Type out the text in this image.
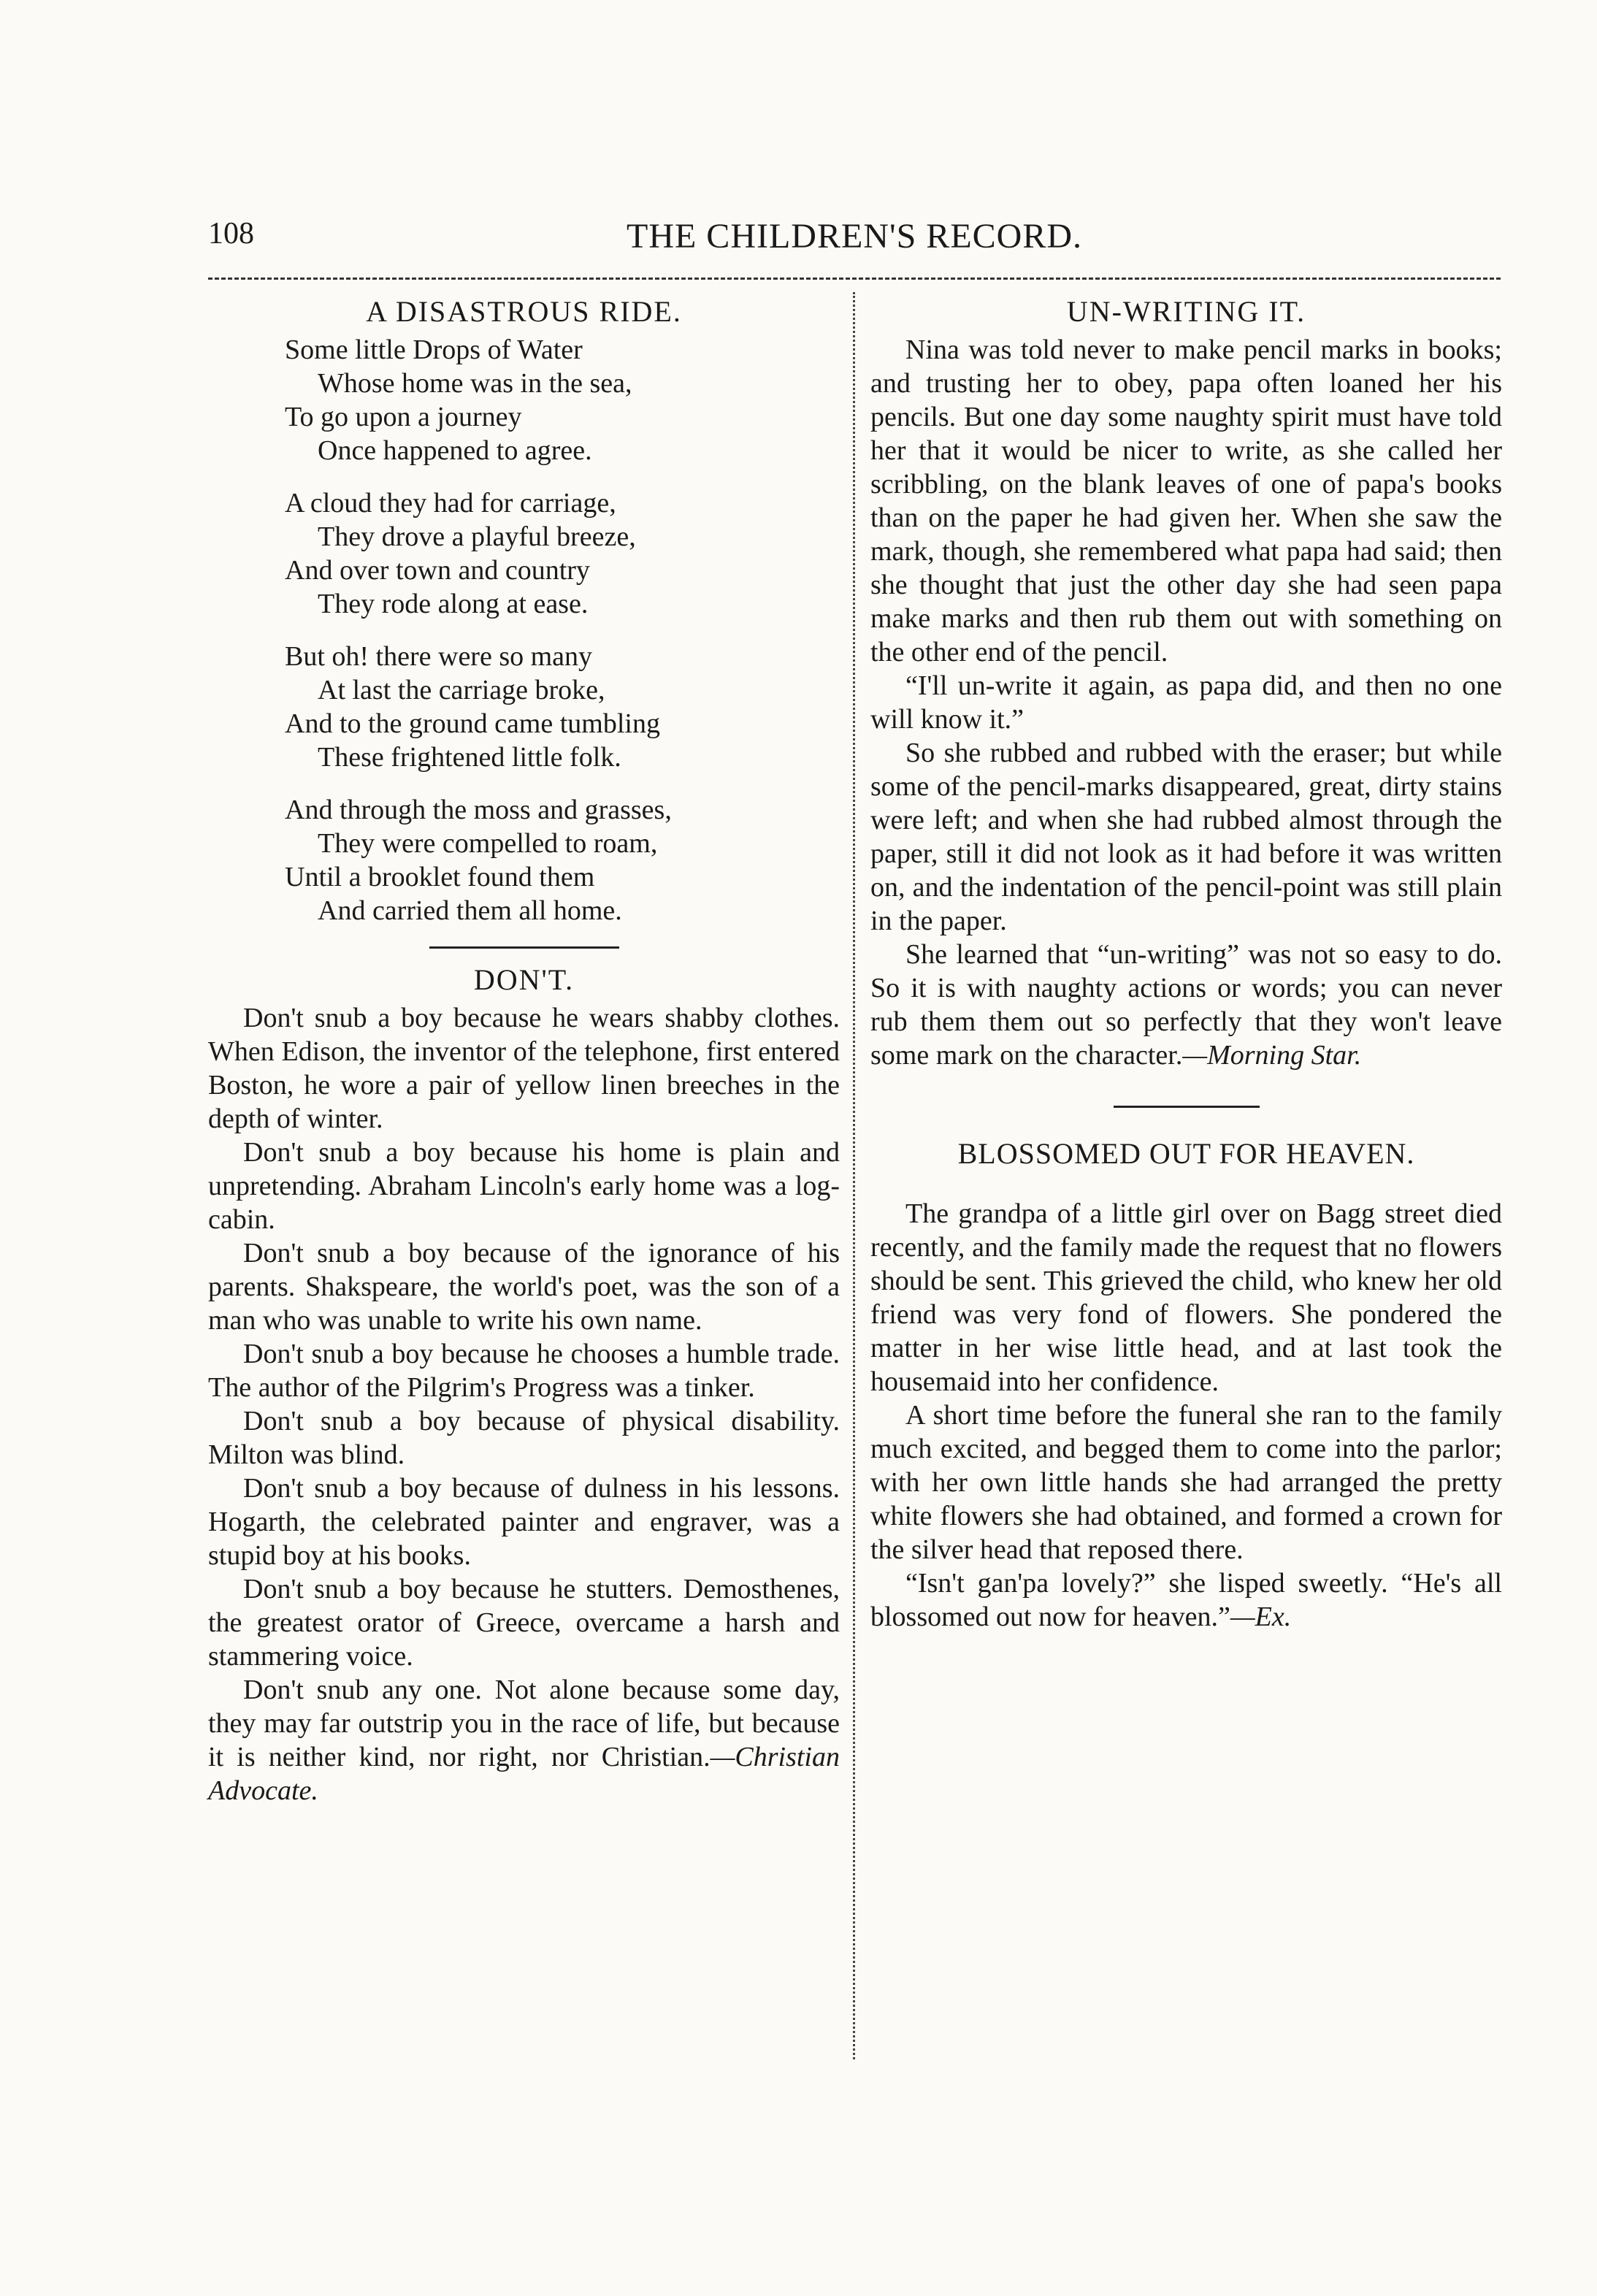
108	THE CHILDREN'S RECORD.
A DISASTROUS RIDE.
Some little Drops of Water
Whose home was in the sea,
To go upon a journey
Once happened to agree.
A cloud they had for carriage,
They drove a playful breeze,
And over town and country
They rode along at ease.
But oh! there were so many
At last the carriage broke,
And to the ground came tumbling
These frightened little folk.
And through the moss and grasses,
They were compelled to roam,
Until a brooklet found them
And carried them all home.
DON'T.

Don't snub a boy because he wears shabby clothes. When Edison, the inventor of the telephone, first entered Boston, he wore a pair of yellow linen breeches in the depth of winter.

Don't snub a boy because his home is plain and unpretending. Abraham Lincoln's early home was a log-cabin.

Don't snub a boy because of the ignorance of his parents. Shakspeare, the world's poet, was the son of a man who was unable to write his own name.

Don't snub a boy because he chooses a humble trade. The author of the Pilgrim's Progress was a tinker.

Don't snub a boy because of physical disability. Milton was blind.

Don't snub a boy because of dulness in his lessons. Hogarth, the celebrated painter and engraver, was a stupid boy at his books.

Don't snub a boy because he stutters. Demosthenes, the greatest orator of Greece, overcame a harsh and stammering voice.

Don't snub any one. Not alone because some day, they may far outstrip you in the race of life, but because it is neither kind, nor right, nor Christian.—Christian Advocate.

UN-WRITING IT.

Nina was told never to make pencil marks in books; and trusting her to obey, papa often loaned her his pencils. But one day some naughty spirit must have told her that it would be nicer to write, as she called her scribbling, on the blank leaves of one of papa's books than on the paper he had given her. When she saw the mark, though, she remembered what papa had said; then she thought that just the other day she had seen papa make marks and then rub them out with something on the other end of the pencil.

“I'll un-write it again, as papa did, and then no one will know it.”

So she rubbed and rubbed with the eraser; but while some of the pencil-marks disappeared, great, dirty stains were left; and when she had rubbed almost through the paper, still it did not look as it had before it was written on, and the indentation of the pencil-point was still plain in the paper.

She learned that “un-writing” was not so easy to do. So it is with naughty actions or words; you can never rub them them out so perfectly that they won't leave some mark on the character.—Morning Star.

BLOSSOMED OUT FOR HEAVEN.

The grandpa of a little girl over on Bagg street died recently, and the family made the request that no flowers should be sent. This grieved the child, who knew her old friend was very fond of flowers. She pondered the matter in her wise little head, and at last took the housemaid into her confidence.

A short time before the funeral she ran to the family much excited, and begged them to come into the parlor; with her own little hands she had arranged the pretty white flowers she had obtained, and formed a crown for the silver head that reposed there.

“Isn't gan'pa lovely?” she lisped sweetly. “He's all blossomed out now for heaven.”—Ex.
